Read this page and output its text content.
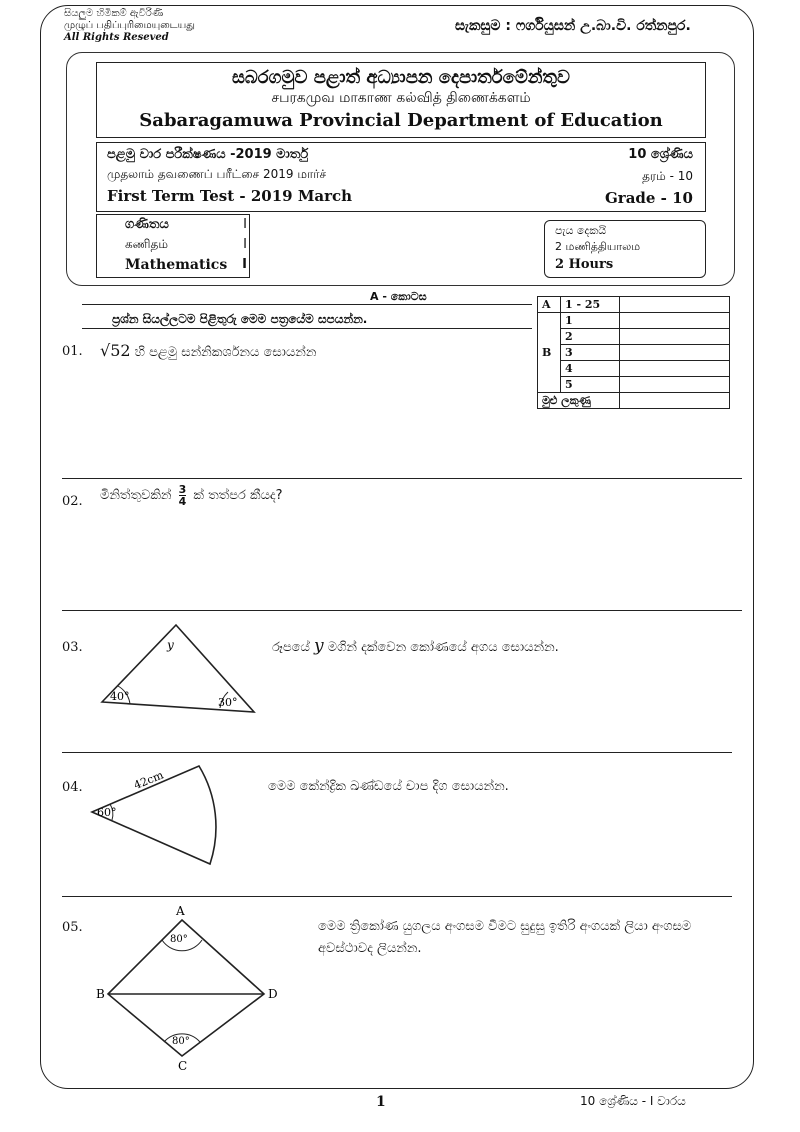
සියලුම හිමිකම් ඇවිරිණි
முழுப் பதிப்புரிமையுடையது
All Rights Reseved
සැකසුම : ෆර්ගියුසන් උ.බා.වි. රත්නපුර.
සබරගමුව පළාත් අධ්‍යාපන දෙපාර්තමේන්තුව
சபரகமுவ மாகாண கல்வித் திணைக்களம்
Sabaragamuwa Provincial Department of Education
පළමු වාර පරීක්ෂණය -2019 මාර්තු
முதலாம் தவணைப் பரீட்சை 2019 மார்ச்
First Term Test - 2019 March
10 ශ්‍රේණිය
தரம் - 10
Grade - 10
ගණිතය	I
கணிதம்	I
Mathematics I
පැය දෙකයි
2 மணித்தியாலம
2 Hours
A - කොටස
ප්‍රශ්න සියල්ලටම පිළිතුරු මෙම පත්‍රයේම සපයන්න.
A	1 - 25	
B	1	
	2	
	3	
	4	
	5	
මුළු ලකුණු		
01. √52 හි පළමු සන්නිකර්ශනය සොයන්න
02. මිනිත්තුවකින් $\frac{3}{4}$ ක් තත්පර කීයද?
03.	y
40°	30°
රූපයේ y මගින් දක්වෙන කෝණයේ අගය සොයන්න.
04.	42cm
60°
මෙම කේන්ද්‍රික ඛණ්ඩයේ චාප දිග සොයන්න.
05.
A
B
C
D
80°
80°
මෙම ත්‍රිකෝණ යුගලය අංගසම වීමට සුදුසු ඉතිරි අංගයක් ලියා අංගසම අවස්ථාවද ලියන්න.
1	10 ශ්‍රේණිය - I වාරය
